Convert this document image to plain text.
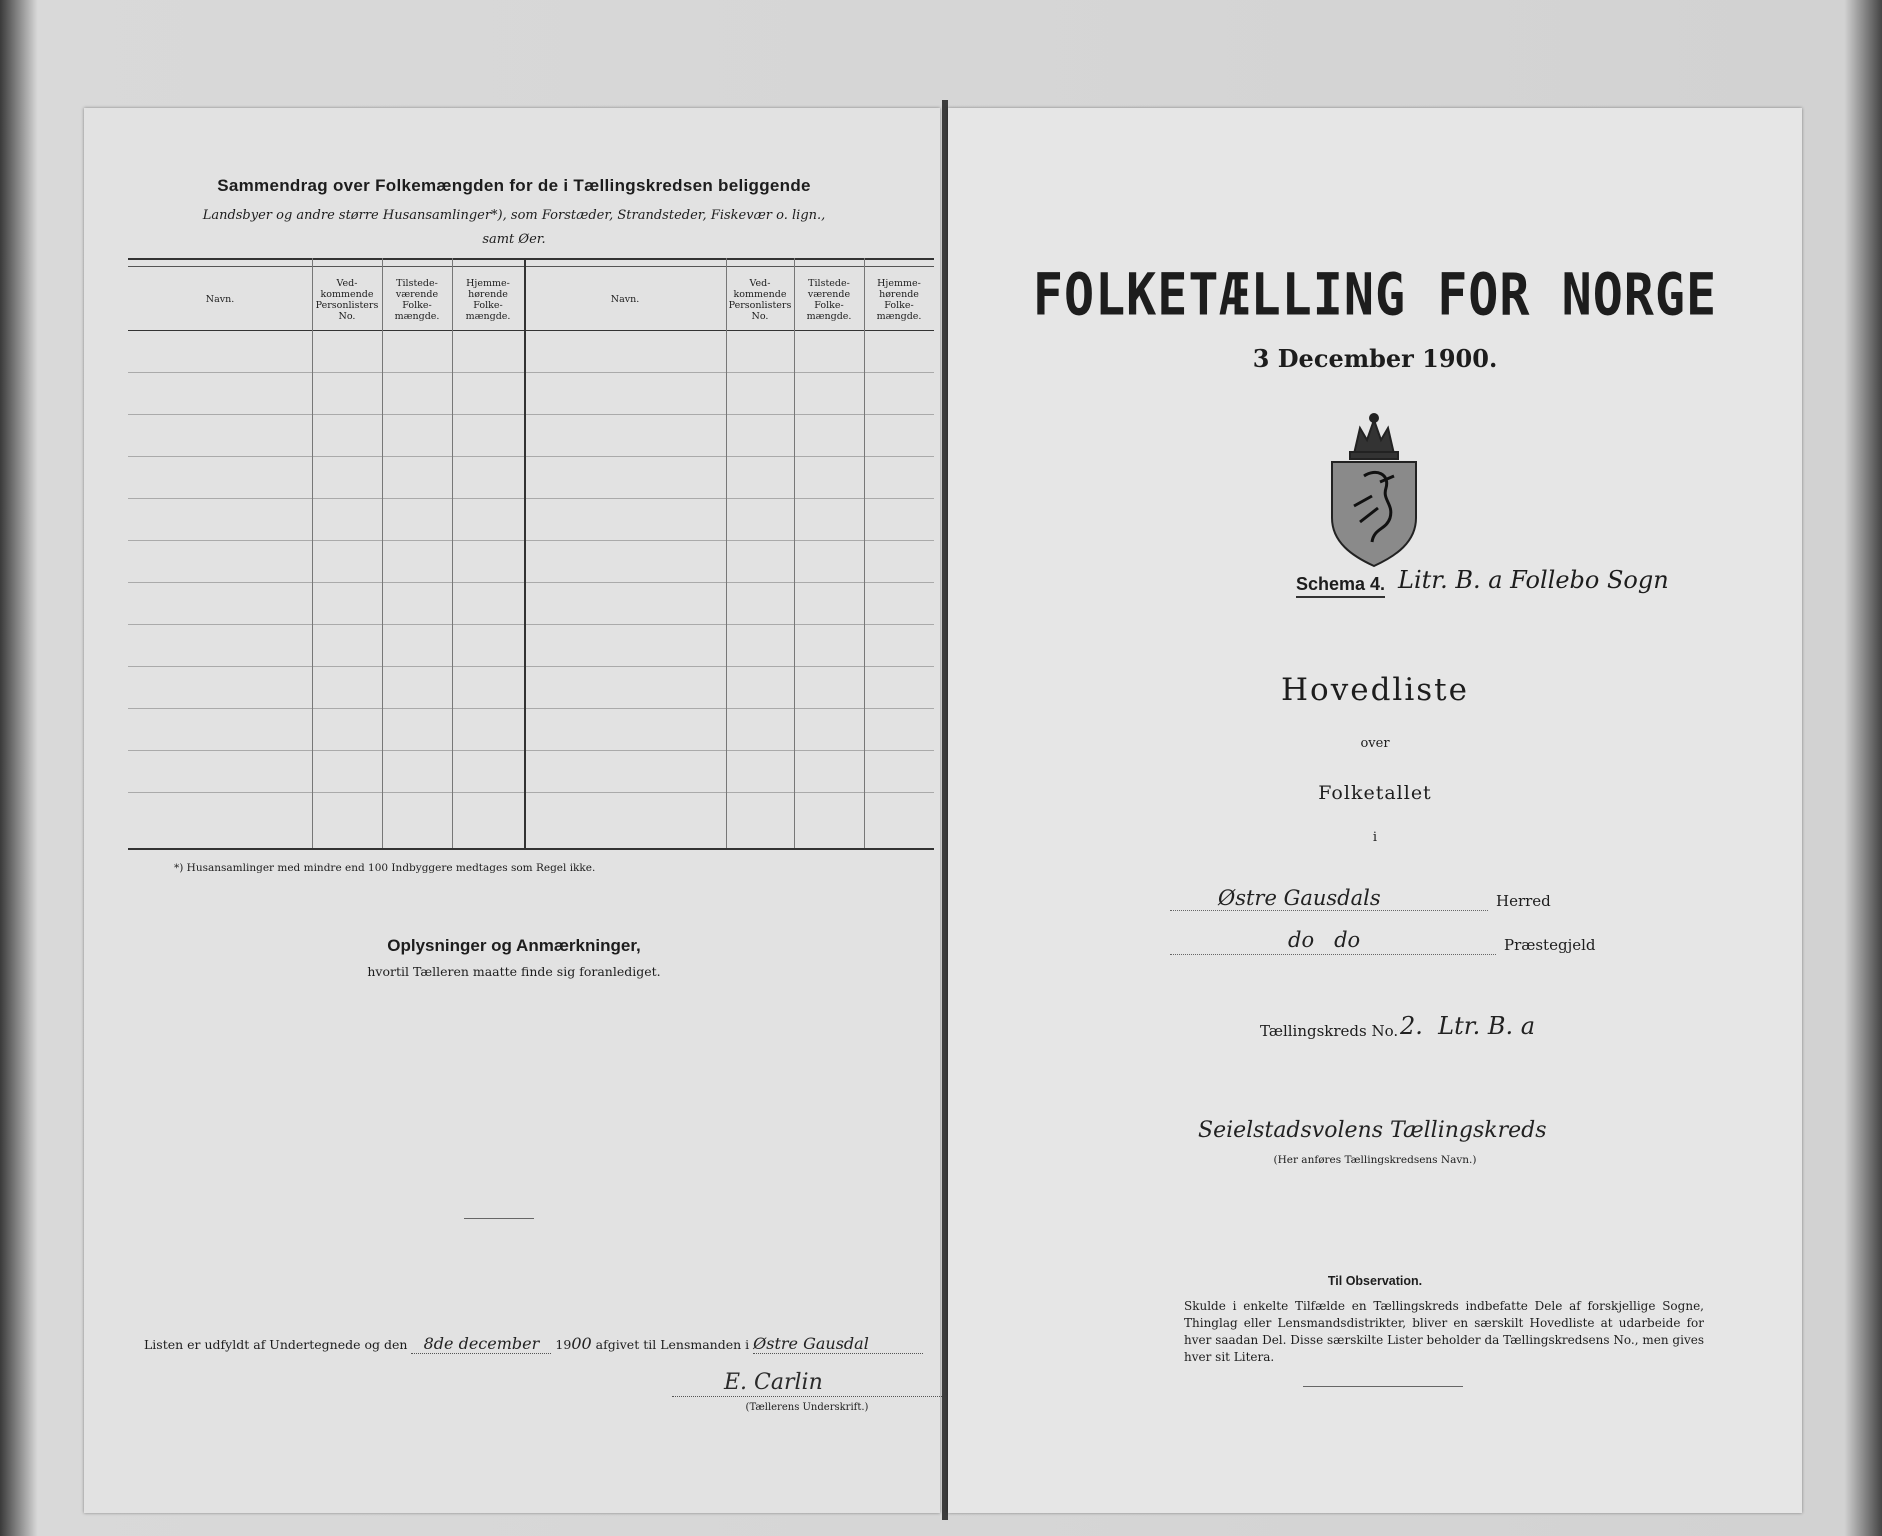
Sammendrag over Folkemængden for de i Tællingskredsen beliggende
Landsbyer og andre større Husansamlinger*), som Forstæder, Strandsteder, Fiskevær o. lign.,
samt Øer.
Navn.
Ved-
kommende
Personlisters
No.
Tilstede-
værende
Folke-
mængde.
Hjemme-
hørende
Folke-
mængde.
Navn.
Ved-
kommende
Personlisters
No.
Tilstede-
værende
Folke-
mængde.
Hjemme-
hørende
Folke-
mængde.
*) Husansamlinger med mindre end 100 Indbyggere medtages som Regel ikke.
Oplysninger og Anmærkninger,
hvortil Tælleren maatte finde sig foranlediget.
Listen er udfyldt af Undertegnede og den 8de december 1900 afgivet til Lensmanden i Østre Gausdal
E. Carlin
(Tællerens Underskrift.)
FOLKETÆLLING FOR NORGE
3 December 1900.
Schema 4. Litr. B. a Follebo Sogn
Hovedliste
over
Folketallet
i
Østre Gausdals	Herred
do   do	Præstegjeld
Tællingskreds No. 2.  Ltr. B. a
Seielstadsvolens Tællingskreds
(Her anføres Tællingskredsens Navn.)
Til Observation.
Skulde i enkelte Tilfælde en Tællingskreds indbefatte Dele af forskjellige Sogne, Thinglag eller Lensmandsdistrikter, bliver en særskilt Hovedliste at udarbeide for hver saadan Del. Disse særskilte Lister beholder da Tællingskredsens No., men gives hver sit Litera.
